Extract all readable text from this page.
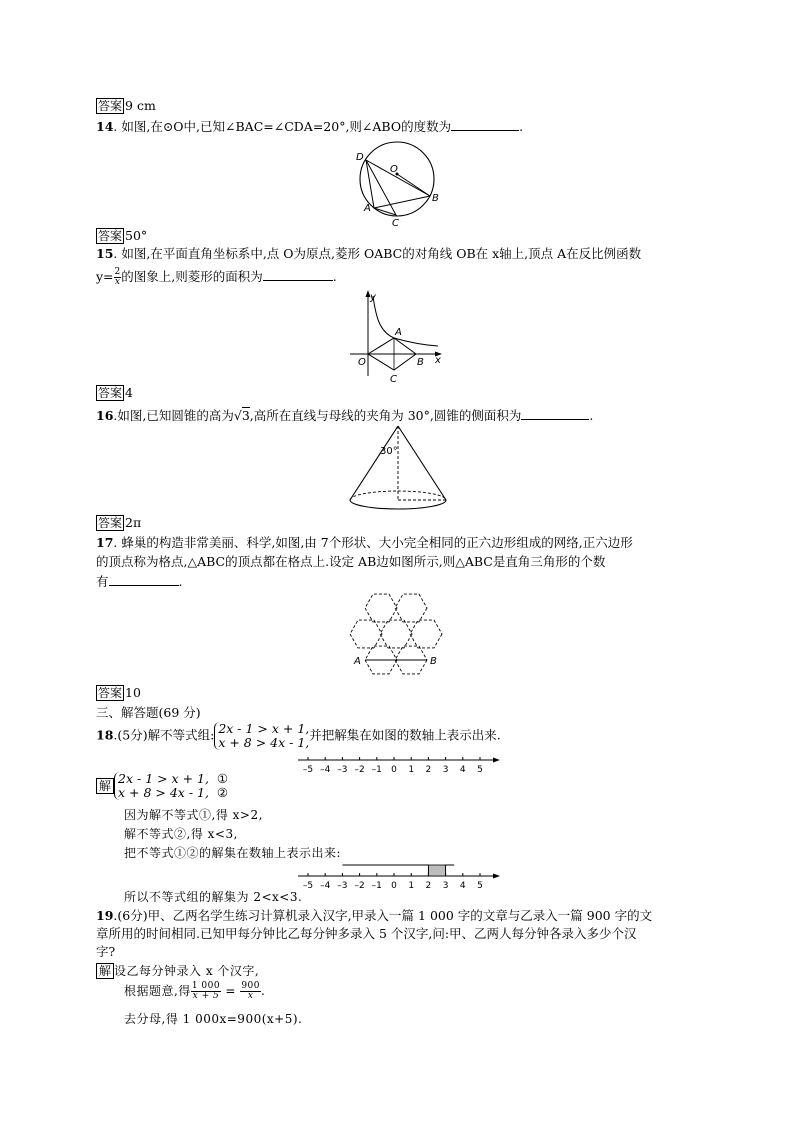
答案 9 cm
14. 如图,在⊙O中,已知∠BAC=∠CDA=20°,则∠ABO的度数为	.
D
O
A
B
C
答案 50°
15. 如图,在平面直角坐标系中,点 O为原点,菱形 OABC的对角线 OB在 x轴上,顶点 A在反比例函数
$y= \frac{2}{x}$ 的图象上,则菱形的面积为	.
y
x
O
A
B
C
答案 4
16.如图,已知圆锥的高为√3,高所在直线与母线的夹角为 30°,圆锥的侧面积为	.
30°
答案 2π
17. 蜂巢的构造非常美丽、科学,如图,由 7个形状、大小完全相同的正六边形组成的网络,正六边形
的顶点称为格点,△ABC的顶点都在格点上.设定 AB边如图所示,则△ABC是直角三角形的个数
有	.
A	B
答案 10
三、解答题(69 分)
18.(5分)解不等式组: 2x - 1 > x + 1,
x + 8 > 4x - 1, 并把解集在如图的数轴上表示出来.
–5 –4 –3 –2 –1 0 1 2 3 4 5
解 2x - 1 > x + 1, ①
x + 8 > 4x - 1, ②
因为解不等式①,得 x>2,
解不等式②,得 x<3,
把不等式①②的解集在数轴上表示出来:
–5 –4 –3 –2 –1 0 1 2 3 4 5
所以不等式组的解集为 2<x<3.
19.(6分)甲、乙两名学生练习计算机录入汉字,甲录入一篇 1 000 字的文章与乙录入一篇 900 字的文
章所用的时间相同.已知甲每分钟比乙每分钟多录入 5 个汉字,问:甲、乙两人每分钟各录入多少个汉
字?
解 设乙每分钟录入 x 个汉字,
根据题意,得 $\frac{1 000}{x + 5} = \frac{900}{x}$ .
去分母,得 1 000x=900(x+5).
